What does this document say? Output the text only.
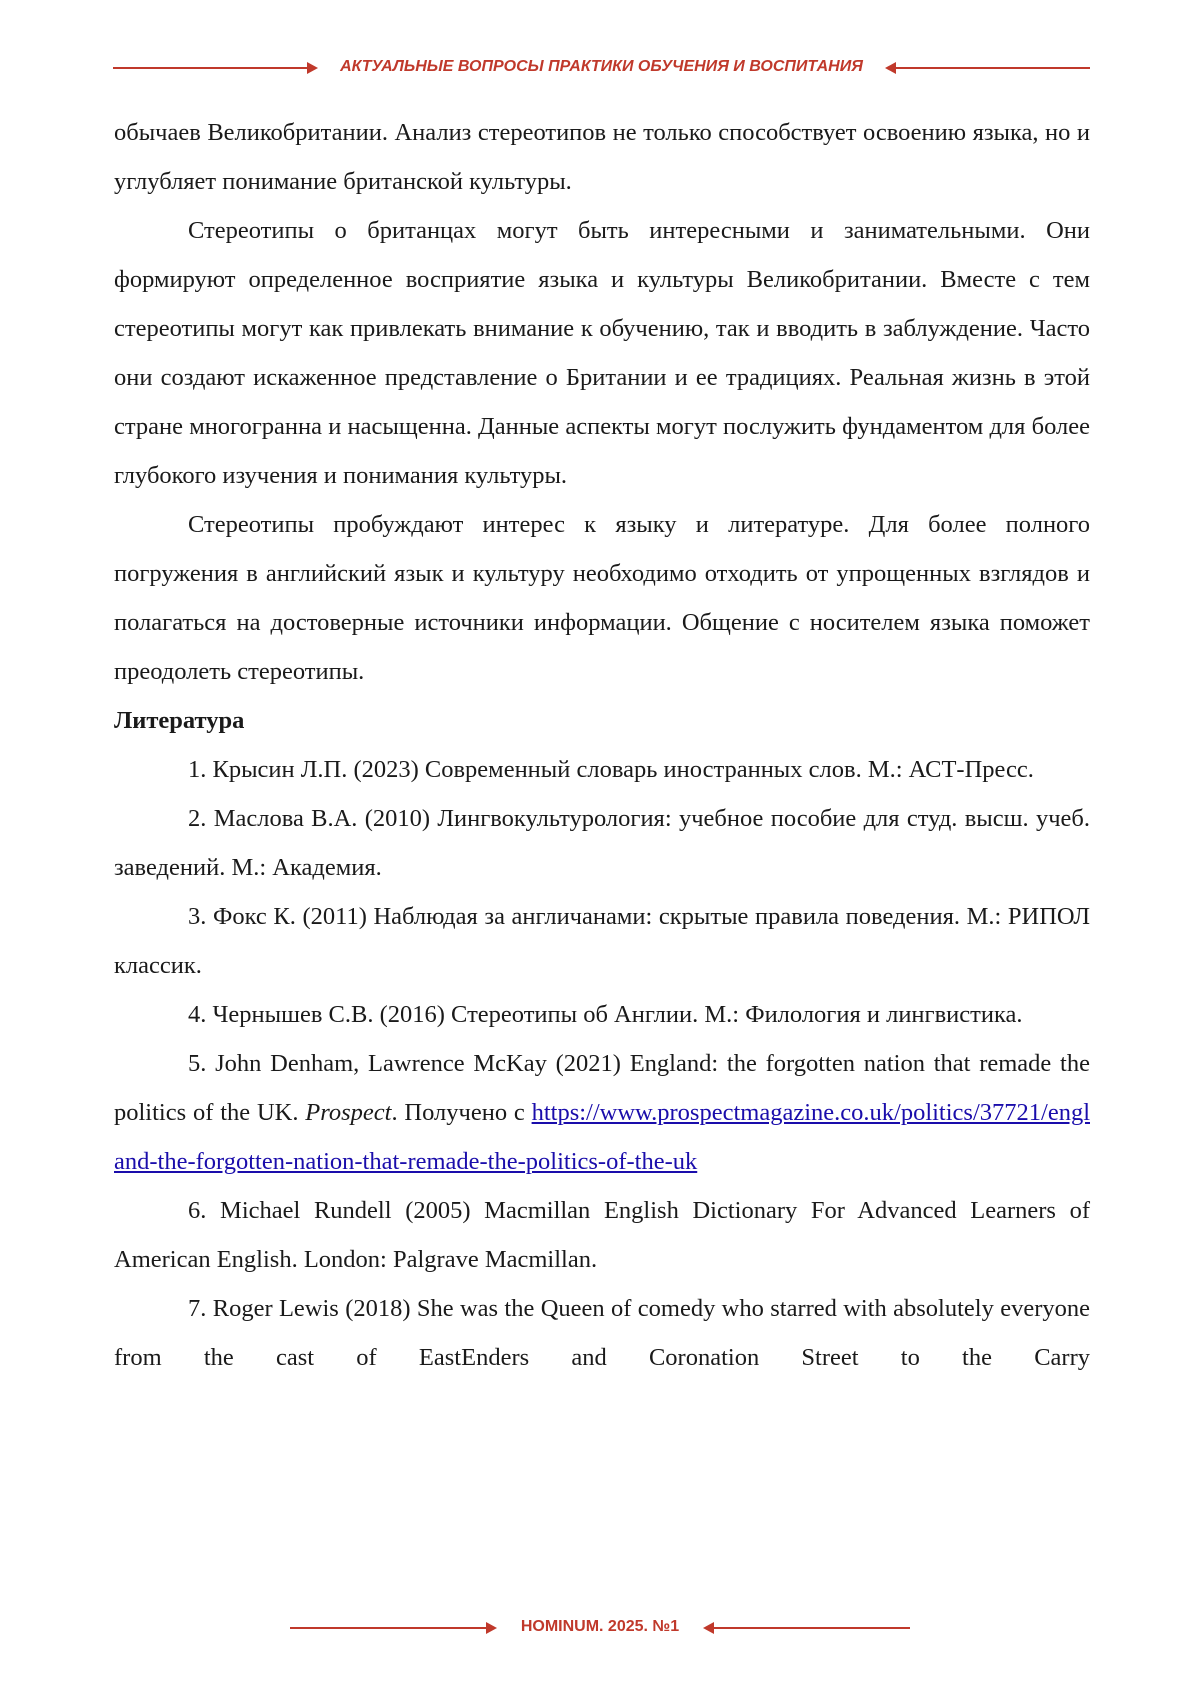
АКТУАЛЬНЫЕ ВОПРОСЫ ПРАКТИКИ ОБУЧЕНИЯ И ВОСПИТАНИЯ

обычаев Великобритании. Анализ стереотипов не только способствует освоению языка, но и углубляет понимание британской культуры.

Стереотипы о британцах могут быть интересными и занимательными. Они формируют определенное восприятие языка и культуры Великобритании. Вместе с тем стереотипы могут как привлекать внимание к обучению, так и вводить в заблуждение. Часто они создают искаженное представление о Британии и ее традициях. Реальная жизнь в этой стране многогранна и насыщенна. Данные аспекты могут послужить фундаментом для более глубокого изучения и понимания культуры.

Стереотипы пробуждают интерес к языку и литературе. Для более полного погружения в английский язык и культуру необходимо отходить от упрощенных взглядов и полагаться на достоверные источники информации. Общение с носителем языка поможет преодолеть стереотипы.

Литература

1. Крысин Л.П. (2023) Современный словарь иностранных слов. М.: АСТ-Пресс.

2. Маслова В.А. (2010) Лингвокультурология: учебное пособие для студ. высш. учеб. заведений. М.: Академия.

3. Фокс К. (2011) Наблюдая за англичанами: скрытые правила поведения. М.: РИПОЛ классик.

4. Чернышев С.В. (2016) Стереотипы об Англии. М.: Филология и лингвистика.

5. John Denham, Lawrence McKay (2021) England: the forgotten nation that remade the politics of the UK. Prospect. Получено с https://www.prospectmagazine.co.uk/politics/37721/england-the-forgotten-nation-that-remade-the-politics-of-the-uk

6. Michael Rundell (2005) Macmillan English Dictionary For Advanced Learners of American English. London: Palgrave Macmillan.

7. Roger Lewis (2018) She was the Queen of comedy who starred with absolutely everyone from the cast of EastEnders and Coronation Street to the Carry

HOMINUM. 2025. №1
